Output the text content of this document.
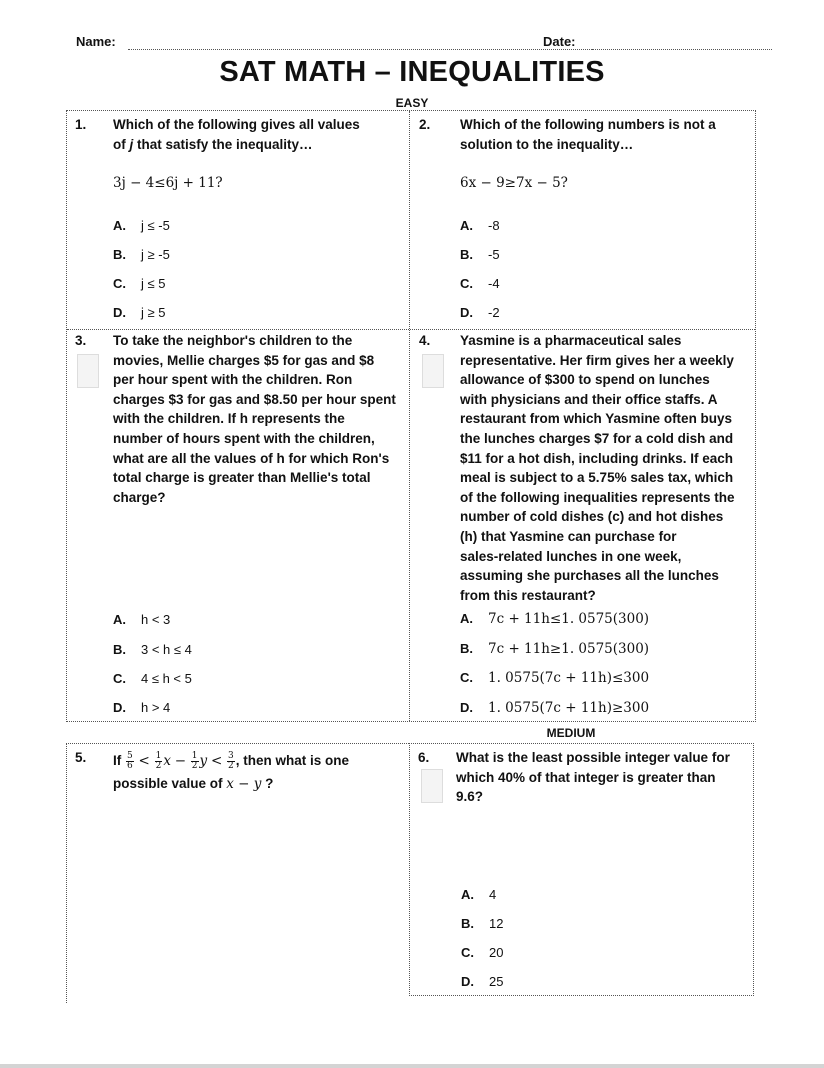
Name:	Date:
SAT MATH – INEQUALITIES
EASY
1. Which of the following gives all values
of j that satisfy the inequality…
3j − 4≤6j + 11?
A. j ≤ -5
B. j ≥ -5
C. j ≤ 5
D. j ≥ 5
2. Which of the following numbers is not a
solution to the inequality…
6x − 9≥7x − 5?
A. -8
B. -5
C. -4
D. -2
3. To take the neighbor's children to the
movies, Mellie charges $5 for gas and $8
per hour spent with the children. Ron
charges $3 for gas and $8.50 per hour spent
with the children. If h represents the
number of hours spent with the children,
what are all the values of h for which Ron's
total charge is greater than Mellie's total
charge?
A. h < 3
B. 3 < h ≤ 4
C. 4 ≤ h < 5
D. h > 4
4. Yasmine is a pharmaceutical sales
representative. Her firm gives her a weekly
allowance of $300 to spend on lunches
with physicians and their office staffs. A
restaurant from which Yasmine often buys
the lunches charges $7 for a cold dish and
$11 for a hot dish, including drinks. If each
meal is subject to a 5.75% sales tax, which
of the following inequalities represents the
number of cold dishes (c) and hot dishes
(h) that Yasmine can purchase for
sales-related lunches in one week,
assuming she purchases all the lunches
from this restaurant?
A. 7c + 11h≤1. 0575(300)
B. 7c + 11h≥1. 0575(300)
C. 1. 0575(7c + 11h)≤300
D. 1. 0575(7c + 11h)≥300
MEDIUM
5. If $\frac{5}{6} < \frac{1}{2}$ $x - \frac{1}{2}$ $y < \frac{3}{2}$ , then what is one
possible value of x − y ?
6. What is the least possible integer value for
which 40% of that integer is greater than
9.6?
A. 4
B. 12
C. 20
D. 25
